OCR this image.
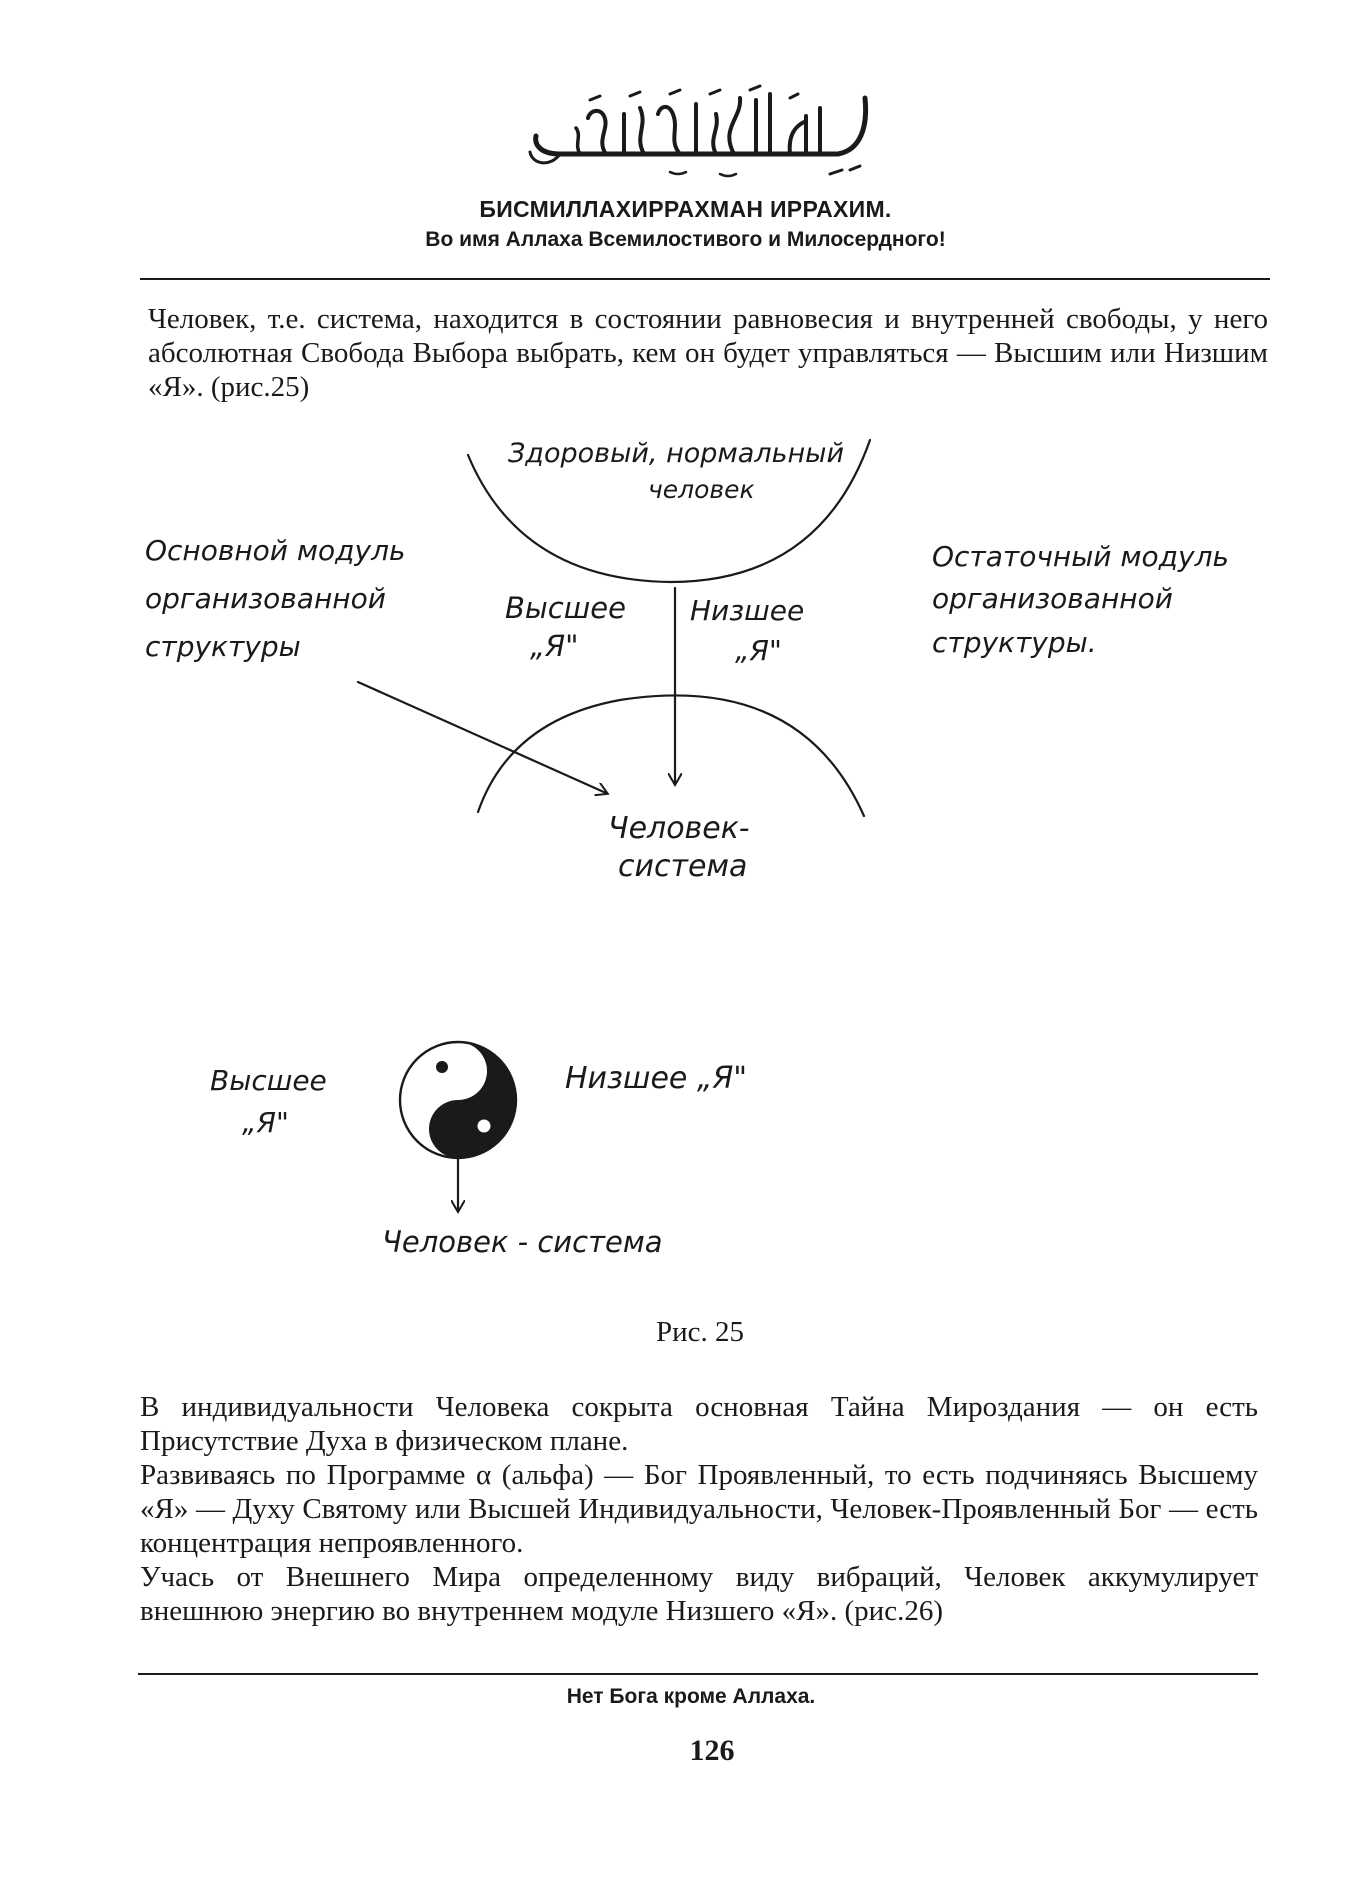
БИСМИЛЛАХИРРАХМАН ИРРАХИМ.
Во имя Аллаха Всемилостивого и Милосердного!

Человек, т.е. система, находится в состоянии равновесия и внутренней свободы, у него абсолютная Свобода Выбора выбрать, кем он будет управляться — Высшим или Низшим «Я». (рис.25)

Здоровый, нормальный
человек
Основной модуль
организованной
структуры
Остаточный модуль
организованной
структуры.
Высшее
„Я"
Низшее
„Я"
Человек-
система
Высшее
„Я"
Низшее „Я"
Человек - система
Рис. 25

В индивидуальности Человека сокрыта основная Тайна Мироздания — он есть Присутствие Духа в физическом плане.

Развиваясь по Программе α (альфа) — Бог Проявленный, то есть подчиняясь Высшему «Я» — Духу Святому или Высшей Индивидуальности, Человек-Проявленный Бог — есть концентрация непроявленного.

Учась от Внешнего Мира определенному виду вибраций, Человек аккумулирует внешнюю энергию во внутреннем модуле Низшего «Я». (рис.26)

Нет Бога кроме Аллаха.
126
